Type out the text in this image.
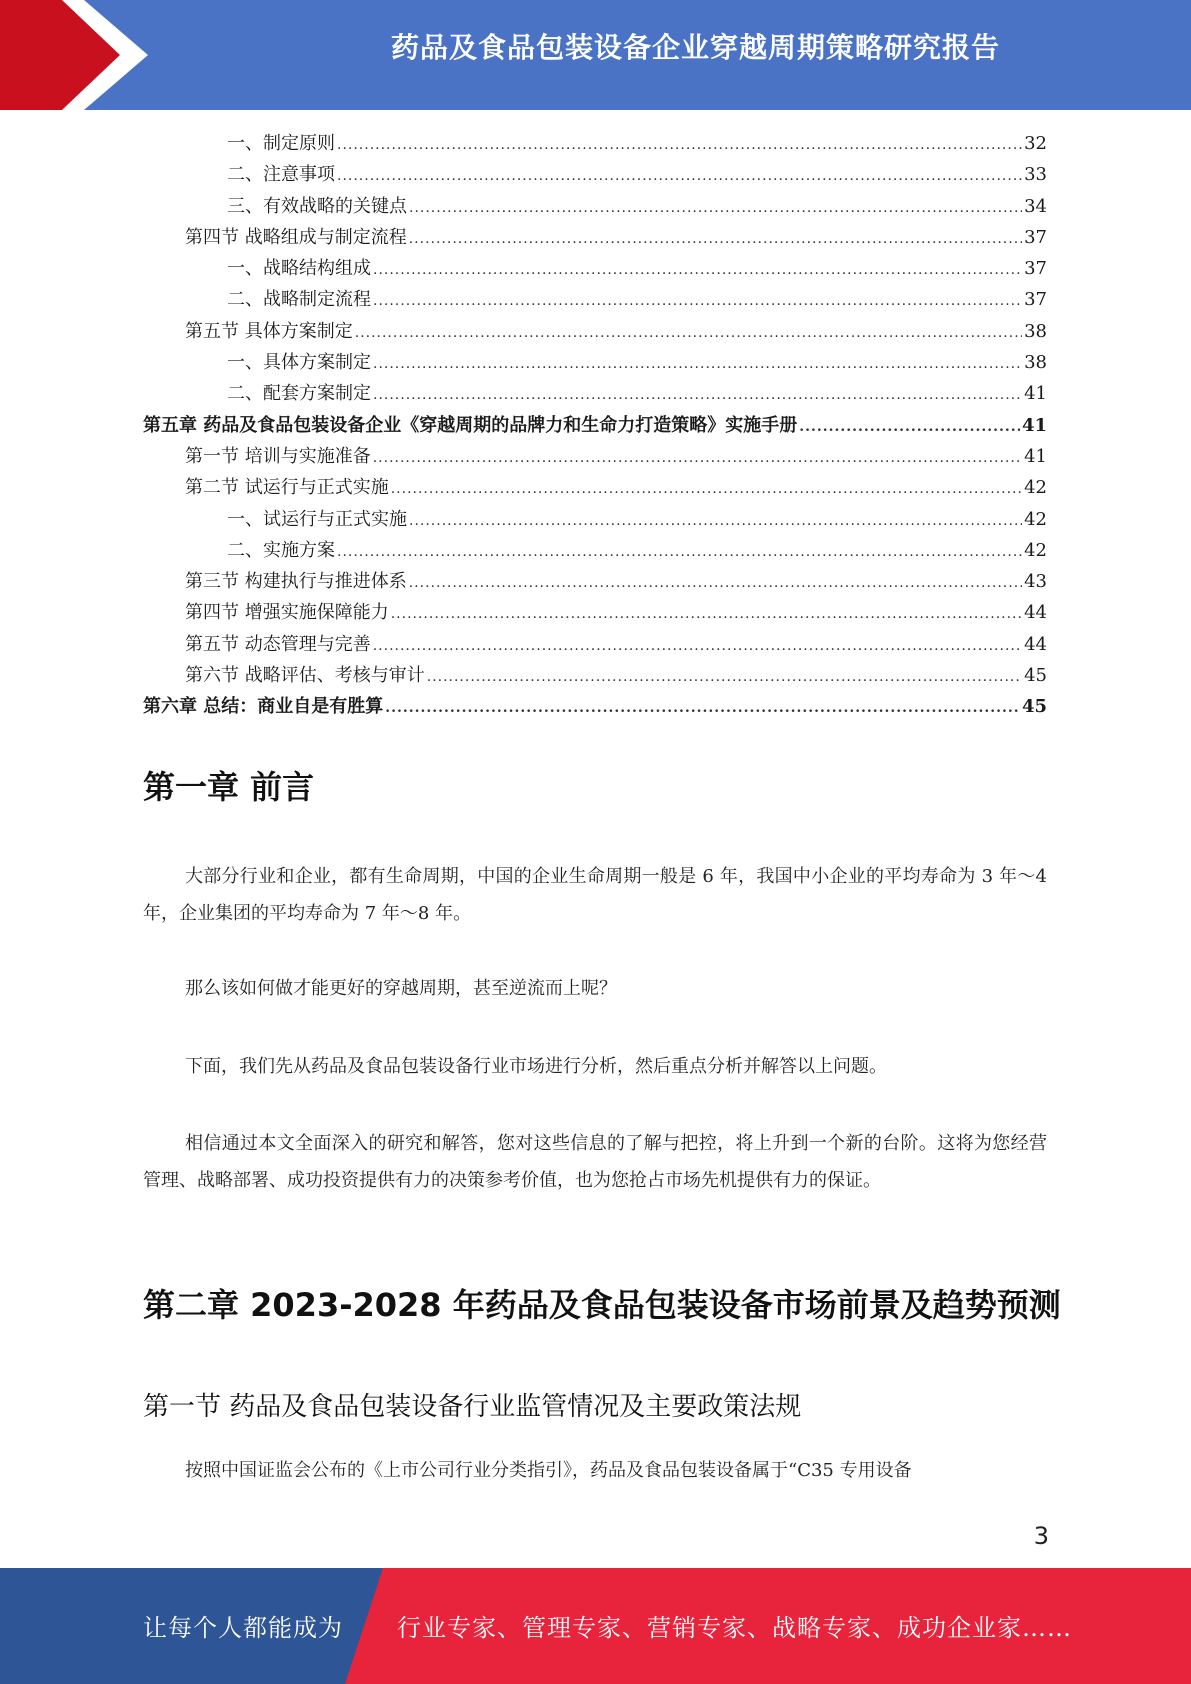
药品及食品包装设备企业穿越周期策略研究报告
一、制定原则 .....	32
二、注意事项 .....	33
三、有效战略的关键点 .....	34
第四节 战略组成与制定流程 .....	37
一、战略结构组成 .....	37
二、战略制定流程 .....	37
第五节 具体方案制定 .....	38
一、具体方案制定 .....	38
二、配套方案制定 .....	41
第五章 药品及食品包装设备企业《穿越周期的品牌力和生命力打造策略》实施手册 .....	41
第一节 培训与实施准备 .....	41
第二节 试运行与正式实施 .....	42
一、试运行与正式实施 .....	42
二、实施方案 .....	42
第三节 构建执行与推进体系 .....	43
第四节 增强实施保障能力 .....	44
第五节 动态管理与完善 .....	44
第六节 战略评估、考核与审计 .....	45
第六章 总结：商业自是有胜算 .....	45
第一章 前言
大部分行业和企业，都有生命周期，中国的企业生命周期一般是 6 年，我国中小企业的平均寿命为 3 年～4 年，企业集团的平均寿命为 7 年～8 年。
那么该如何做才能更好的穿越周期，甚至逆流而上呢？
下面，我们先从药品及食品包装设备行业市场进行分析，然后重点分析并解答以上问题。
相信通过本文全面深入的研究和解答，您对这些信息的了解与把控，将上升到一个新的台阶。这将为您经营管理、战略部署、成功投资提供有力的决策参考价值，也为您抢占市场先机提供有力的保证。
第二章 2023-2028 年药品及食品包装设备市场前景及趋势预测
第一节 药品及食品包装设备行业监管情况及主要政策法规
按照中国证监会公布的《上市公司行业分类指引》，药品及食品包装设备属于“C35 专用设备
3
让每个人都能成为 行业专家、管理专家、营销专家、战略专家、成功企业家……
